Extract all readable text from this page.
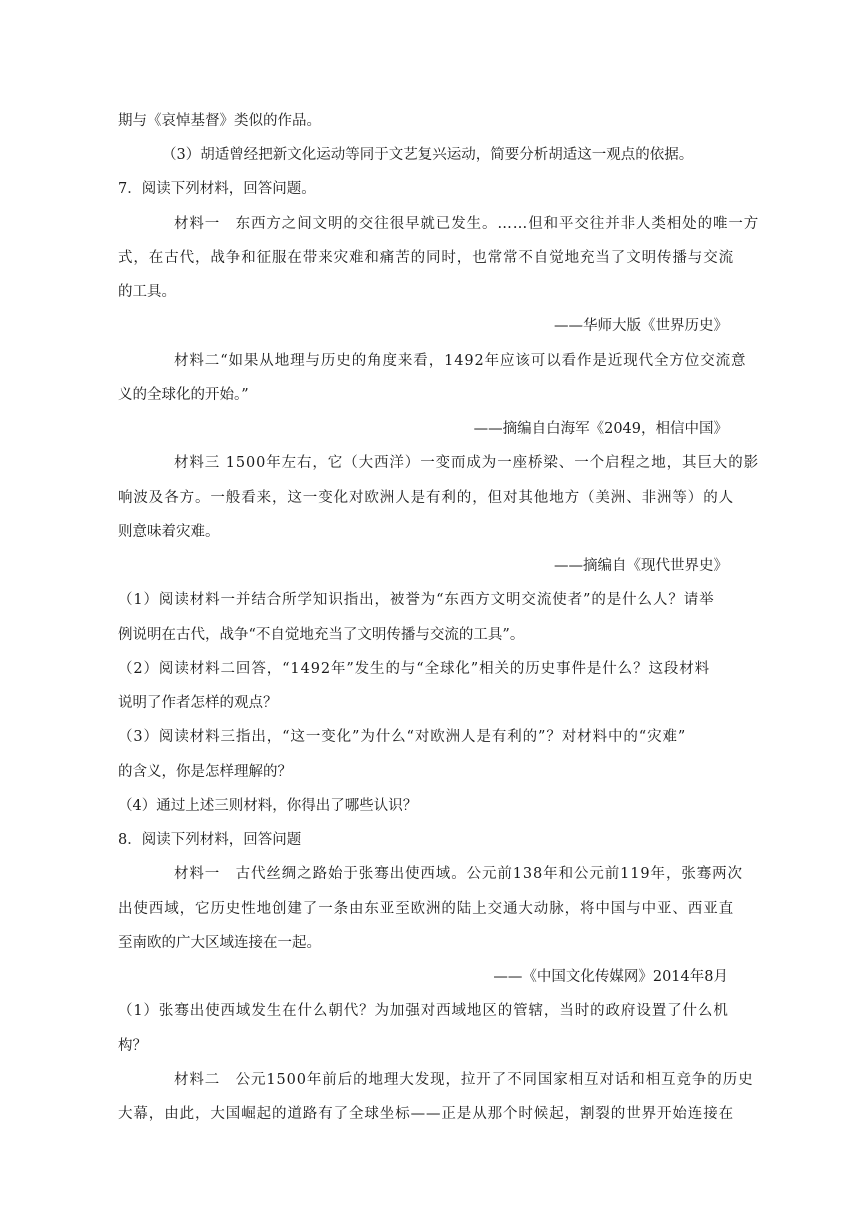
期与《哀悼基督》类似的作品。
（3）胡适曾经把新文化运动等同于文艺复兴运动，简要分析胡适这一观点的依据。
7．阅读下列材料，回答问题。
材料一　东西方之间文明的交往很早就已发生。……但和平交往并非人类相处的唯一方
式，在古代，战争和征服在带来灾难和痛苦的同时，也常常不自觉地充当了文明传播与交流
的工具。
——华师大版《世界历史》
材料二“如果从地理与历史的角度来看，1492年应该可以看作是近现代全方位交流意
义的全球化的开始。”
——摘编自白海军《2049，相信中国》
材料三 1500年左右，它（大西洋）一变而成为一座桥梁、一个启程之地，其巨大的影
响波及各方。一般看来，这一变化对欧洲人是有利的，但对其他地方（美洲、非洲等）的人
则意味着灾难。
——摘编自《现代世界史》
（1）阅读材料一并结合所学知识指出，被誉为“东西方文明交流使者”的是什么人？请举
例说明在古代，战争“不自觉地充当了文明传播与交流的工具”。
（2）阅读材料二回答，“1492年”发生的与“全球化”相关的历史事件是什么？这段材料
说明了作者怎样的观点？
（3）阅读材料三指出，“这一变化”为什么“对欧洲人是有利的”？对材料中的“灾难”
的含义，你是怎样理解的？
（4）通过上述三则材料，你得出了哪些认识？
8．阅读下列材料，回答问题
材料一　古代丝绸之路始于张骞出使西域。公元前138年和公元前119年，张骞两次
出使西域，它历史性地创建了一条由东亚至欧洲的陆上交通大动脉，将中国与中亚、西亚直
至南欧的广大区域连接在一起。
——《中国文化传媒网》2014年8月
（1）张骞出使西域发生在什么朝代？为加强对西域地区的管辖，当时的政府设置了什么机
构？
材料二　公元1500年前后的地理大发现，拉开了不同国家相互对话和相互竞争的历史
大幕，由此，大国崛起的道路有了全球坐标——正是从那个时候起，割裂的世界开始连接在
